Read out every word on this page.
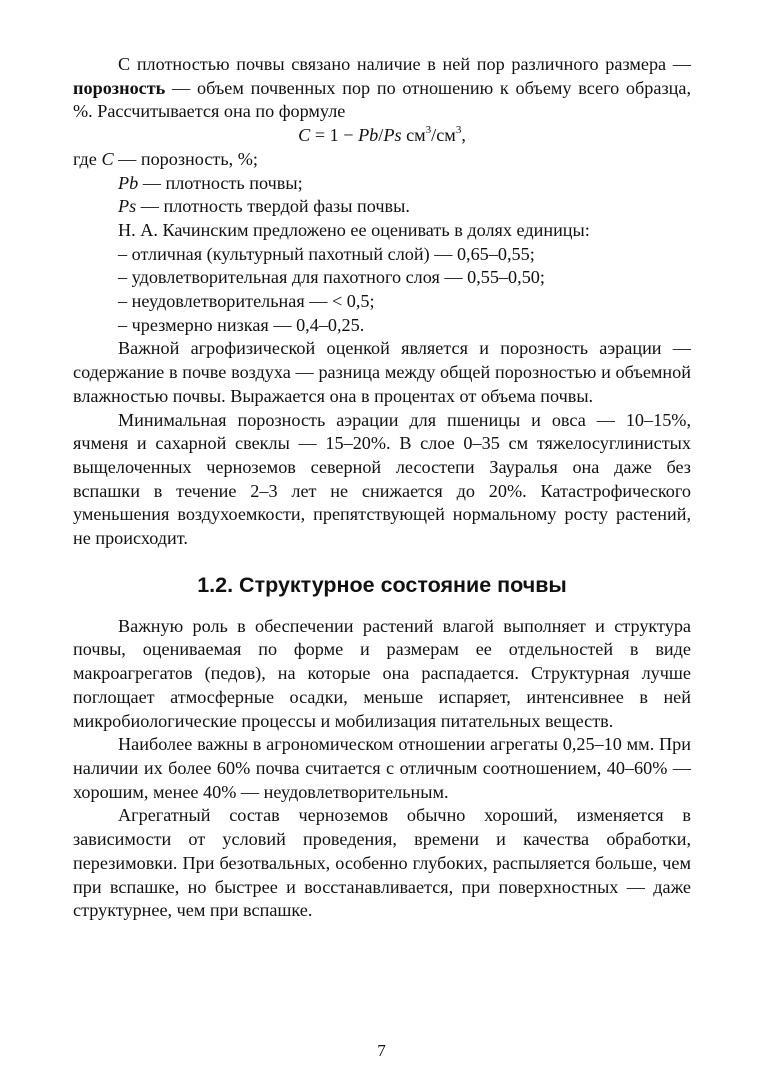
С плотностью почвы связано наличие в ней пор различного размера — порозность — объем почвенных пор по отношению к объему всего образца, %. Рассчитывается она по формуле

C = 1 − Pb/Ps $см^3/см^3$,

где C — порозность, %;

Pb — плотность почвы;

Ps — плотность твердой фазы почвы.

Н. А. Качинским предложено ее оценивать в долях единицы:

– отличная (культурный пахотный слой) — 0,65–0,55;

– удовлетворительная для пахотного слоя — 0,55–0,50;

– неудовлетворительная — < 0,5;

– чрезмерно низкая — 0,4–0,25.

Важной агрофизической оценкой является и порозность аэрации — содержание в почве воздуха — разница между общей порозностью и объемной влажностью почвы. Выражается она в процентах от объема почвы.

Минимальная порозность аэрации для пшеницы и овса — 10–15%, ячменя и сахарной свеклы — 15–20%. В слое 0–35 см тяжелосуглинистых выщелоченных черноземов северной лесостепи Зауралья она даже без вспашки в течение 2–3 лет не снижается до 20%. Катастрофического уменьшения воздухоемкости, препятствующей нормальному росту растений, не происходит.

1.2. Структурное состояние почвы

Важную роль в обеспечении растений влагой выполняет и структура почвы, оцениваемая по форме и размерам ее отдельностей в виде макроагрегатов (педов), на которые она распадается. Структурная лучше поглощает атмосферные осадки, меньше испаряет, интенсивнее в ней микробиологические процессы и мобилизация питательных веществ.

Наиболее важны в агрономическом отношении агрегаты 0,25–10 мм. При наличии их более 60% почва считается с отличным соотношением, 40–60% — хорошим, менее 40% — неудовлетворительным.

Агрегатный состав черноземов обычно хороший, изменяется в зависимости от условий проведения, времени и качества обработки, перезимовки. При безотвальных, особенно глубоких, распыляется больше, чем при вспашке, но быстрее и восстанавливается, при поверхностных — даже структурнее, чем при вспашке.

7
